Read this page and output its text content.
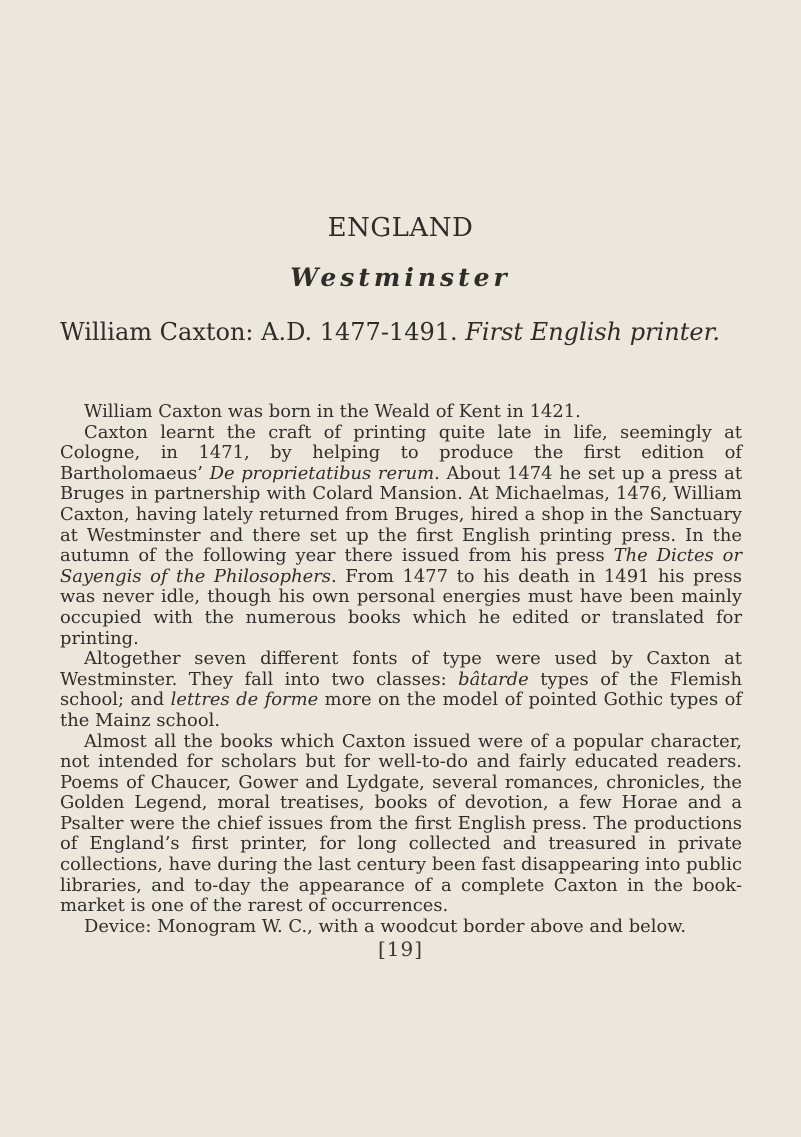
ENGLAND
Westminster
William Caxton: A.D. 1477-1491. First English printer.

William Caxton was born in the Weald of Kent in 1421.

Caxton learnt the craft of printing quite late in life, seemingly at Cologne, in 1471, by helping to produce the first edition of Bartholomaeus’ De proprietatibus rerum. About 1474 he set up a press at Bruges in partnership with Colard Mansion. At Michaelmas, 1476, William Caxton, having lately returned from Bruges, hired a shop in the Sanctuary at Westminster and there set up the first English printing press. In the autumn of the following year there issued from his press The Dictes or Sayengis of the Philosophers. From 1477 to his death in 1491 his press was never idle, though his own personal energies must have been mainly occupied with the numerous books which he edited or translated for printing.

Altogether seven different fonts of type were used by Caxton at Westminster. They fall into two classes: bâtarde types of the Flemish school; and lettres de forme more on the model of pointed Gothic types of the Mainz school.

Almost all the books which Caxton issued were of a popular character, not intended for scholars but for well-to-do and fairly educated readers. Poems of Chaucer, Gower and Lydgate, several romances, chronicles, the Golden Legend, moral treatises, books of devotion, a few Horae and a Psalter were the chief issues from the first English press. The productions of England’s first printer, for long collected and treasured in private collections, have during the last century been fast disappearing into public libraries, and to-day the appearance of a complete Caxton in the book-market is one of the rarest of occurrences.

Device: Monogram W. C., with a woodcut border above and below.

[19]
